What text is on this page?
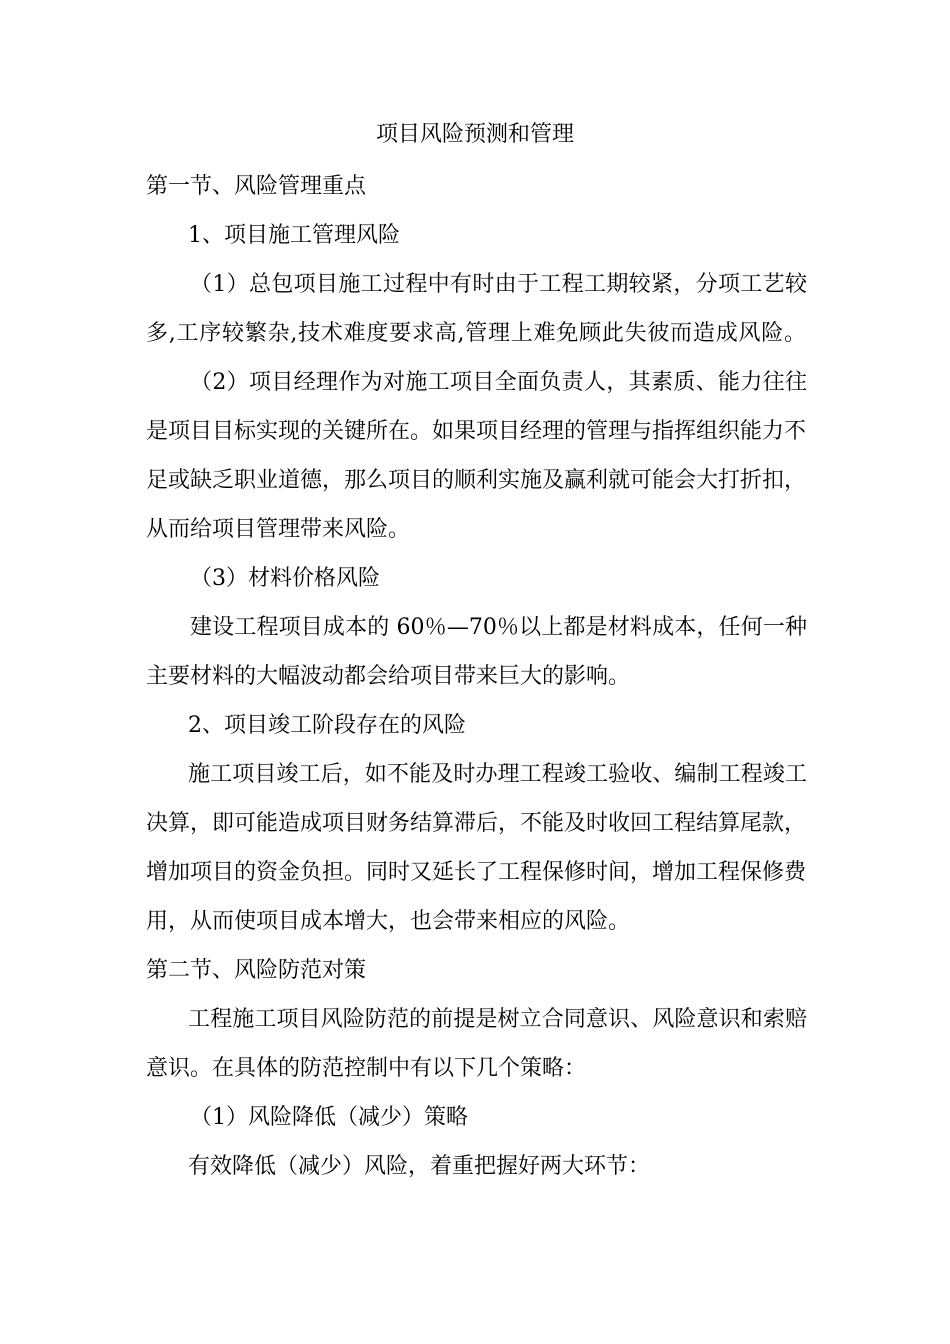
项目风险预测和管理
第一节、风险管理重点
1、项目施工管理风险
（1）总包项目施工过程中有时由于工程工期较紧，分项工艺较
多,工序较繁杂,技术难度要求高,管理上难免顾此失彼而造成风险。
（2）项目经理作为对施工项目全面负责人，其素质、能力往往
是项目目标实现的关键所在。如果项目经理的管理与指挥组织能力不
足或缺乏职业道德，那么项目的顺利实施及赢利就可能会大打折扣，
从而给项目管理带来风险。
（3）材料价格风险
建设工程项目成本的 60％—70％以上都是材料成本，任何一种
主要材料的大幅波动都会给项目带来巨大的影响。
2、项目竣工阶段存在的风险
施工项目竣工后，如不能及时办理工程竣工验收、编制工程竣工
决算，即可能造成项目财务结算滞后，不能及时收回工程结算尾款，
增加项目的资金负担。同时又延长了工程保修时间，增加工程保修费
用，从而使项目成本增大，也会带来相应的风险。
第二节、风险防范对策
工程施工项目风险防范的前提是树立合同意识、风险意识和索赔
意识。在具体的防范控制中有以下几个策略：
（1）风险降低（减少）策略
有效降低（减少）风险，着重把握好两大环节：
